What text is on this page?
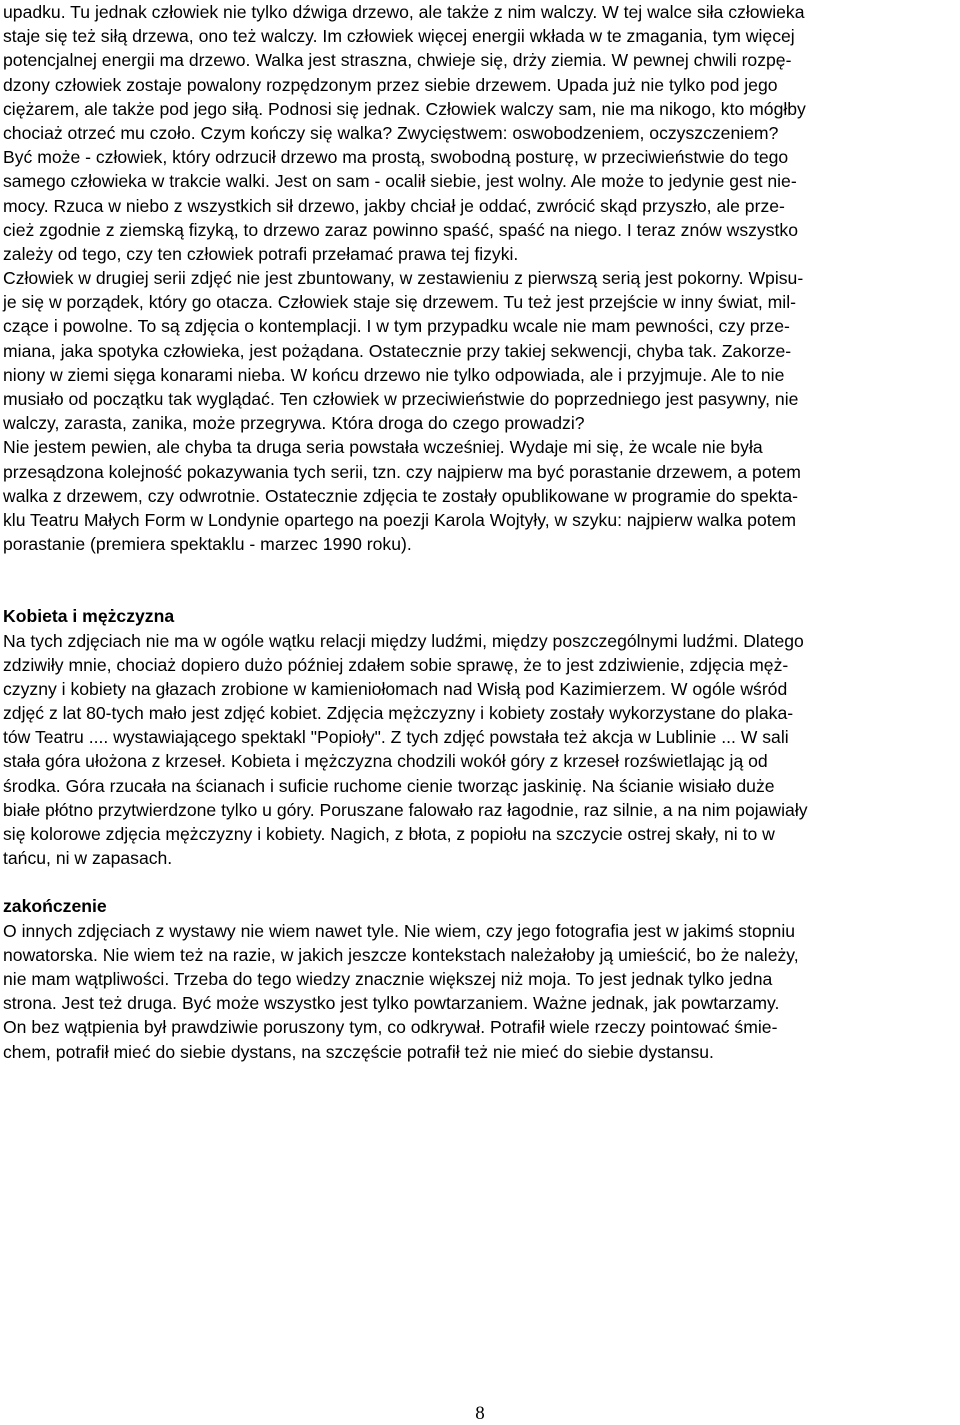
upadku. Tu jednak człowiek nie tylko dźwiga drzewo, ale także z nim walczy. W tej walce siła człowieka
staje się też siłą drzewa, ono też walczy. Im człowiek więcej energii wkłada w te zmagania, tym więcej
potencjalnej energii ma drzewo. Walka jest straszna, chwieje się, drży ziemia. W pewnej chwili rozpę-
dzony człowiek zostaje powalony rozpędzonym przez siebie drzewem. Upada już nie tylko pod jego
ciężarem, ale także pod jego siłą. Podnosi się jednak. Człowiek walczy sam, nie ma nikogo, kto mógłby
chociaż otrzeć mu czoło. Czym kończy się walka? Zwycięstwem: oswobodzeniem, oczyszczeniem?
Być może - człowiek, który odrzucił drzewo ma prostą, swobodną posturę, w przeciwieństwie do tego
samego człowieka w trakcie walki. Jest on sam - ocalił siebie, jest wolny. Ale może to jedynie gest nie-
mocy. Rzuca w niebo z wszystkich sił drzewo, jakby chciał je oddać, zwrócić skąd przyszło, ale prze-
cież zgodnie z ziemską fizyką, to drzewo zaraz powinno spaść, spaść na niego. I teraz znów wszystko
zależy od tego, czy ten człowiek potrafi przełamać prawa tej fizyki.
Człowiek w drugiej serii zdjęć nie jest zbuntowany, w zestawieniu z pierwszą serią jest pokorny. Wpisu-
je się w porządek, który go otacza. Człowiek staje się drzewem. Tu też jest przejście w inny świat, mil-
czące i powolne. To są zdjęcia o kontemplacji. I w tym przypadku wcale nie mam pewności, czy prze-
miana, jaka spotyka człowieka, jest pożądana. Ostatecznie przy takiej sekwencji, chyba tak. Zakorze-
niony w ziemi sięga konarami nieba. W końcu drzewo nie tylko odpowiada, ale i przyjmuje. Ale to nie
musiało od początku tak wyglądać. Ten człowiek w przeciwieństwie do poprzedniego jest pasywny, nie
walczy, zarasta, zanika, może przegrywa. Która droga do czego prowadzi?
Nie jestem pewien, ale chyba ta druga seria powstała wcześniej. Wydaje mi się, że wcale nie była
przesądzona kolejność pokazywania tych serii, tzn. czy najpierw ma być porastanie drzewem, a potem
walka z drzewem, czy odwrotnie. Ostatecznie zdjęcia te zostały opublikowane w programie do spekta-
klu Teatru Małych Form w Londynie opartego na poezji Karola Wojtyły, w szyku: najpierw walka potem
porastanie (premiera spektaklu - marzec 1990 roku).
Kobieta i mężczyzna
Na tych zdjęciach nie ma w ogóle wątku relacji między ludźmi, między poszczególnymi ludźmi. Dlatego
zdziwiły mnie, chociaż dopiero dużo później zdałem sobie sprawę, że to jest zdziwienie, zdjęcia męż-
czyzny i kobiety na głazach zrobione w kamieniołomach nad Wisłą pod Kazimierzem. W ogóle wśród
zdjęć z lat 80-tych mało jest zdjęć kobiet. Zdjęcia mężczyzny i kobiety zostały wykorzystane do plaka-
tów Teatru .... wystawiającego spektakl "Popioły". Z tych zdjęć powstała też akcja w Lublinie ... W sali
stała góra ułożona z krzeseł. Kobieta i mężczyzna chodzili wokół góry z krzeseł rozświetlając ją od
środka. Góra rzucała na ścianach i suficie ruchome cienie tworząc jaskinię. Na ścianie wisiało duże
białe płótno przytwierdzone tylko u góry. Poruszane falowało raz łagodnie, raz silnie, a na nim pojawiały
się kolorowe zdjęcia mężczyzny i kobiety. Nagich, z błota, z popiołu na szczycie ostrej skały, ni to w
tańcu, ni w zapasach.
zakończenie
O innych zdjęciach z wystawy nie wiem nawet tyle. Nie wiem, czy jego fotografia jest w jakimś stopniu
nowatorska. Nie wiem też na razie, w jakich jeszcze kontekstach należałoby ją umieścić, bo że należy,
nie mam wątpliwości. Trzeba do tego wiedzy znacznie większej niż moja. To jest jednak tylko jedna
strona. Jest też druga. Być może wszystko jest tylko powtarzaniem. Ważne jednak, jak powtarzamy.
On bez wątpienia był prawdziwie poruszony tym, co odkrywał. Potrafił wiele rzeczy pointować śmie-
chem, potrafił mieć do siebie dystans, na szczęście potrafił też nie mieć do siebie dystansu.
8
